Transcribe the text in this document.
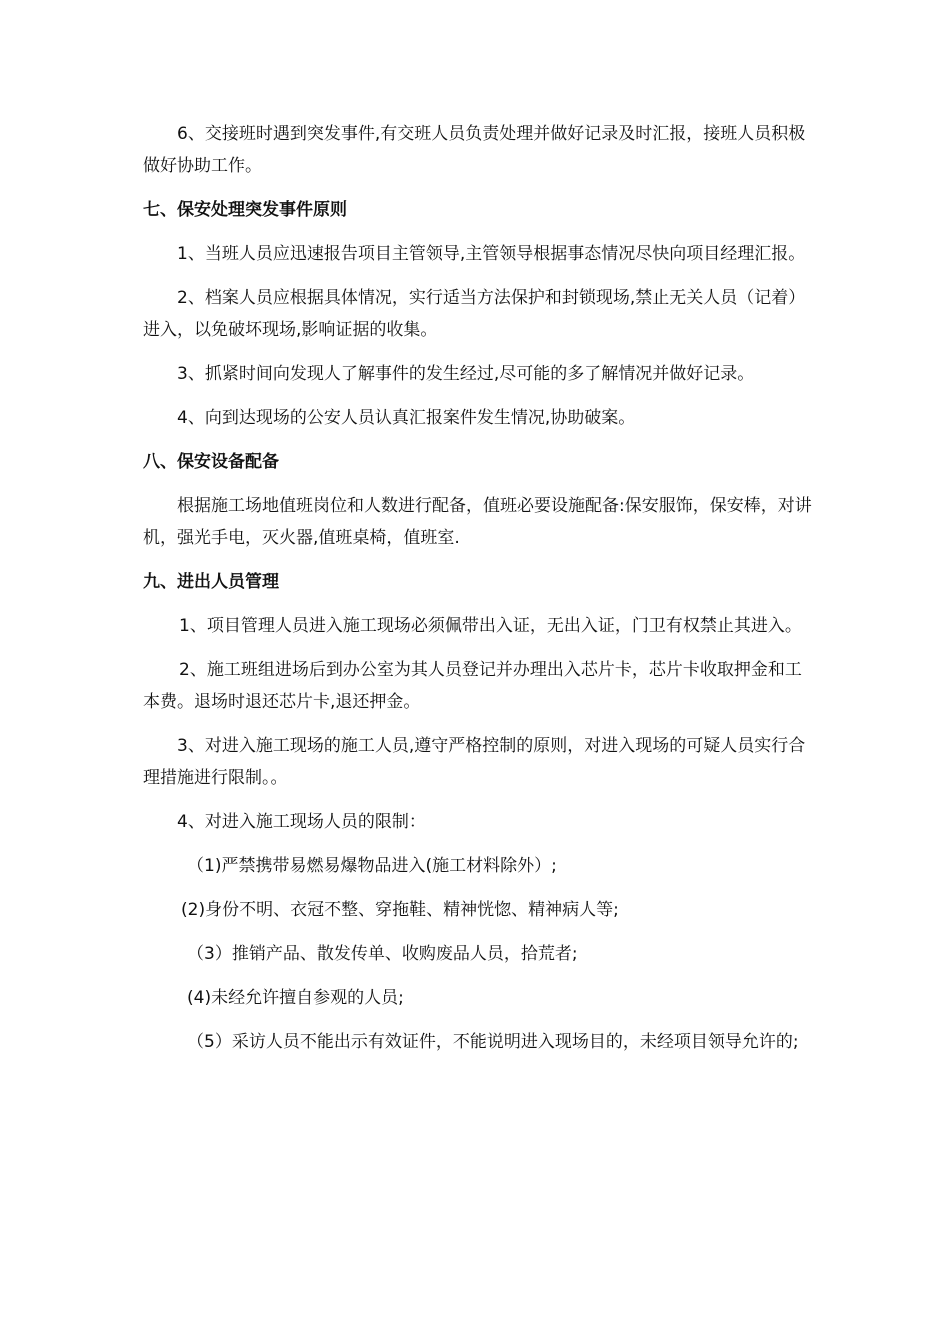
6、交接班时遇到突发事件,有交班人员负责处理并做好记录及时汇报，接班人员积极做好协助工作。

七、保安处理突发事件原则

1、当班人员应迅速报告项目主管领导,主管领导根据事态情况尽快向项目经理汇报。

2、档案人员应根据具体情况，实行适当方法保护和封锁现场,禁止无关人员（记着）进入，以免破坏现场,影响证据的收集。

3、抓紧时间向发现人了解事件的发生经过,尽可能的多了解情况并做好记录。

4、向到达现场的公安人员认真汇报案件发生情况,协助破案。

八、保安设备配备

根据施工场地值班岗位和人数进行配备，值班必要设施配备:保安服饰，保安棒，对讲机，强光手电，灭火器,值班桌椅，值班室.

九、进出人员管理

1、项目管理人员进入施工现场必须佩带出入证，无出入证，门卫有权禁止其进入。

2、施工班组进场后到办公室为其人员登记并办理出入芯片卡，芯片卡收取押金和工本费。退场时退还芯片卡,退还押金。

3、对进入施工现场的施工人员,遵守严格控制的原则，对进入现场的可疑人员实行合理措施进行限制。。

4、对进入施工现场人员的限制：

（1)严禁携带易燃易爆物品进入(施工材料除外）;

(2)身份不明、衣冠不整、穿拖鞋、精神恍惚、精神病人等;

（3）推销产品、散发传单、收购废品人员，拾荒者;

(4)未经允许擅自参观的人员;

（5）采访人员不能出示有效证件，不能说明进入现场目的，未经项目领导允许的;
